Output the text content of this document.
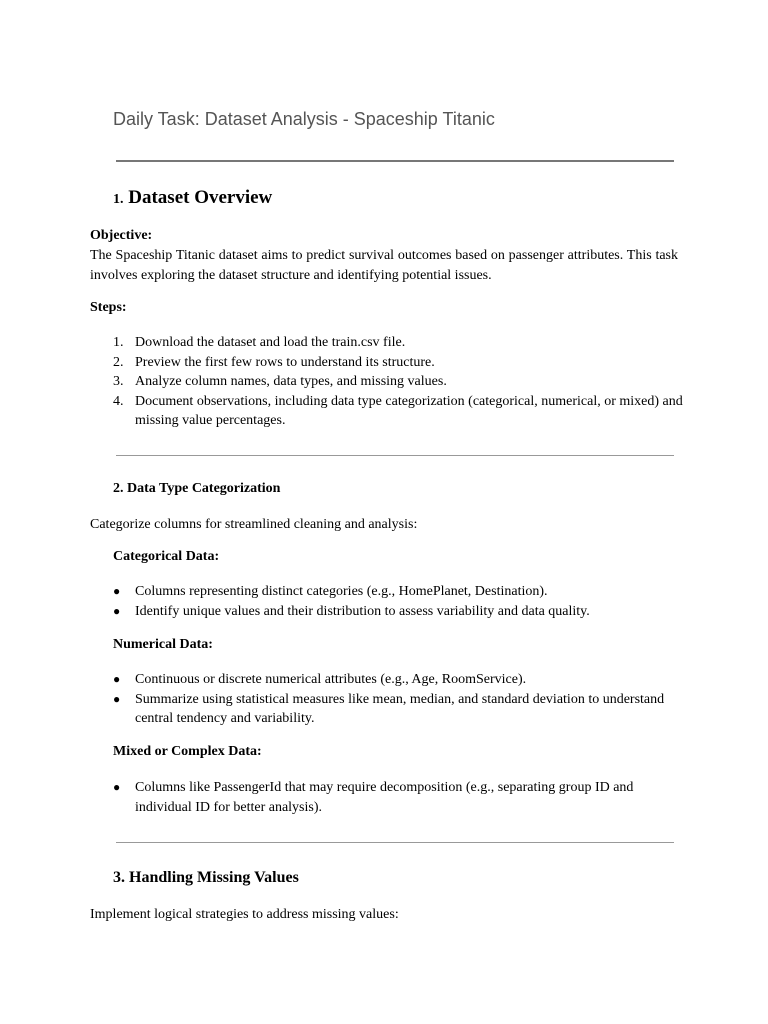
Daily Task: Dataset Analysis - Spaceship Titanic
1. Dataset Overview
Objective:
The Spaceship Titanic dataset aims to predict survival outcomes based on passenger attributes. This task involves exploring the dataset structure and identifying potential issues.
Steps:
1. Download the dataset and load the train.csv file.
2. Preview the first few rows to understand its structure.
3. Analyze column names, data types, and missing values.
4. Document observations, including data type categorization (categorical, numerical, or mixed) and missing value percentages.
2. Data Type Categorization
Categorize columns for streamlined cleaning and analysis:
Categorical Data:
● Columns representing distinct categories (e.g., HomePlanet, Destination).
● Identify unique values and their distribution to assess variability and data quality.
Numerical Data:
● Continuous or discrete numerical attributes (e.g., Age, RoomService).
● Summarize using statistical measures like mean, median, and standard deviation to understand central tendency and variability.
Mixed or Complex Data:
● Columns like PassengerId that may require decomposition (e.g., separating group ID and individual ID for better analysis).
3. Handling Missing Values
Implement logical strategies to address missing values:
